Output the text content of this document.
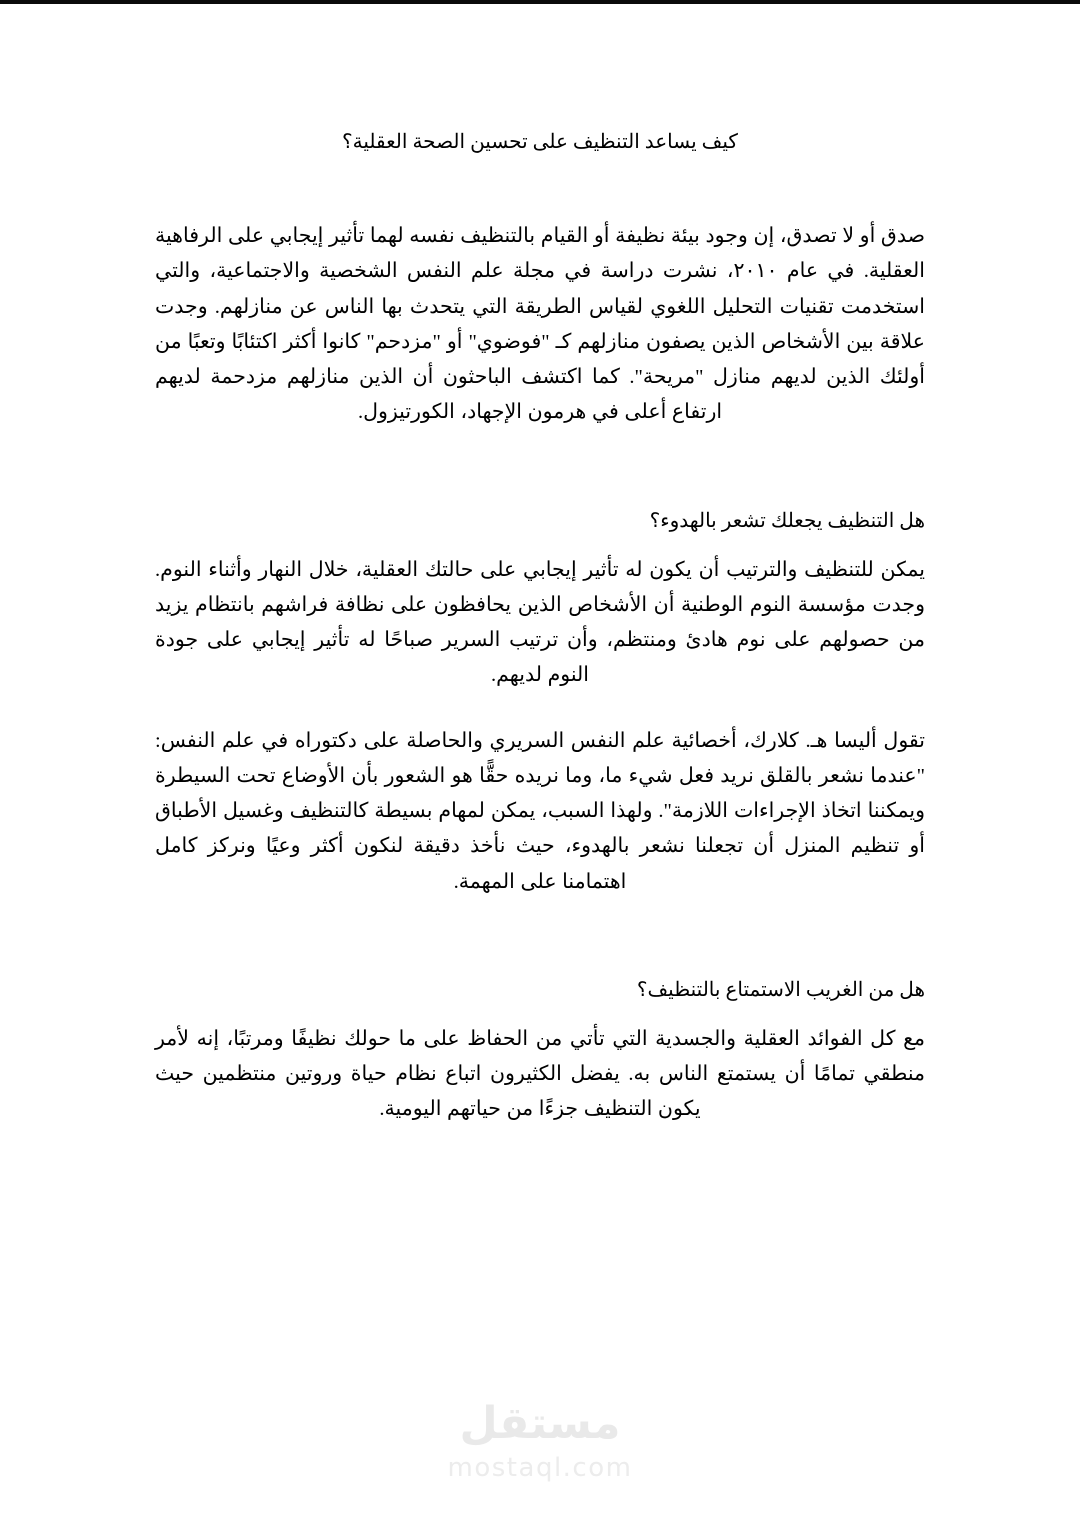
كيف يساعد التنظيف على تحسين الصحة العقلية؟

صدق أو لا تصدق، إن وجود بيئة نظيفة أو القيام بالتنظيف نفسه لهما تأثير إيجابي على الرفاهية العقلية. في عام ٢٠١٠، نشرت دراسة في مجلة علم النفس الشخصية والاجتماعية، والتي استخدمت تقنيات التحليل اللغوي لقياس الطريقة التي يتحدث بها الناس عن منازلهم. وجدت علاقة بين الأشخاص الذين يصفون منازلهم كـ "فوضوي" أو "مزدحم" كانوا أكثر اكتئابًا وتعبًا من أولئك الذين لديهم منازل "مريحة". كما اكتشف الباحثون أن الذين منازلهم مزدحمة لديهم ارتفاع أعلى في هرمون الإجهاد، الكورتيزول.

هل التنظيف يجعلك تشعر بالهدوء؟

يمكن للتنظيف والترتيب أن يكون له تأثير إيجابي على حالتك العقلية، خلال النهار وأثناء النوم. وجدت مؤسسة النوم الوطنية أن الأشخاص الذين يحافظون على نظافة فراشهم بانتظام يزيد من حصولهم على نوم هادئ ومنتظم، وأن ترتيب السرير صباحًا له تأثير إيجابي على جودة النوم لديهم.

تقول أليسا هـ. كلارك، أخصائية علم النفس السريري والحاصلة على دكتوراه في علم النفس: "عندما نشعر بالقلق نريد فعل شيء ما، وما نريده حقًّا هو الشعور بأن الأوضاع تحت السيطرة ويمكننا اتخاذ الإجراءات اللازمة". ولهذا السبب، يمكن لمهام بسيطة كالتنظيف وغسيل الأطباق أو تنظيم المنزل أن تجعلنا نشعر بالهدوء، حيث نأخذ دقيقة لنكون أكثر وعيًا ونركز كامل اهتمامنا على المهمة.

هل من الغريب الاستمتاع بالتنظيف؟

مع كل الفوائد العقلية والجسدية التي تأتي من الحفاظ على ما حولك نظيفًا ومرتبًا، إنه لأمر منطقي تمامًا أن يستمتع الناس به. يفضل الكثيرون اتباع نظام حياة وروتين منتظمين حيث يكون التنظيف جزءًا من حياتهم اليومية.

مستقل
mostaql.com
